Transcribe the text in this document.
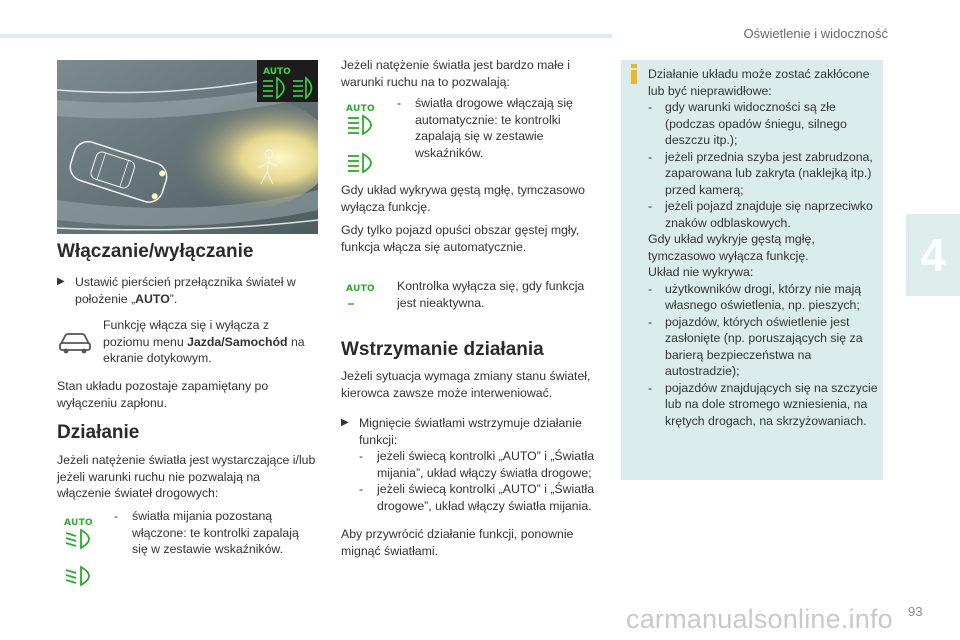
Oświetlenie i widoczność
4
AUTO
Włączanie/wyłączanie
▶ Ustawić pierścień przełącznika świateł w położenie „AUTO”.
Funkcję włącza się i wyłącza z poziomu menu Jazda/Samochód na ekranie dotykowym.
Stan układu pozostaje zapamiętany po wyłączeniu zapłonu.
Działanie
Jeżeli natężenie światła jest wystarczające i/lub jeżeli warunki ruchu nie pozwalają na włączenie świateł drogowych:
AUTO	- światła mijania pozostaną włączone: te kontrolki zapalają się w zestawie wskaźników.
Jeżeli natężenie światła jest bardzo małe i warunki ruchu na to pozwalają:
AUTO	- światła drogowe włączają się automatycznie: te kontrolki zapalają się w zestawie wskaźników.
Gdy układ wykrywa gęstą mgłę, tymczasowo wyłącza funkcję.
Gdy tylko pojazd opuści obszar gęstej mgły, funkcja włącza się automatycznie.
AUTO	Kontrolka wyłącza się, gdy funkcja jest nieaktywna.
Wstrzymanie działania
Jeżeli sytuacja wymaga zmiany stanu świateł, kierowca zawsze może interweniować.
▶ Mignięcie światłami wstrzymuje działanie funkcji:
- jeżeli świecą kontrolki „AUTO” i „Światła mijania”, układ włączy światła drogowe;
- jeżeli świecą kontrolki „AUTO” i „Światła drogowe”, układ włączy światła mijania.
Aby przywrócić działanie funkcji, ponownie mignąć światłami.
Działanie układu może zostać zakłócone lub być nieprawidłowe:
- gdy warunki widoczności są złe (podczas opadów śniegu, silnego deszczu itp.);
- jeżeli przednia szyba jest zabrudzona, zaparowana lub zakryta (naklejką itp.) przed kamerą;
- jeżeli pojazd znajduje się naprzeciwko znaków odblaskowych.
Gdy układ wykryje gęstą mgłę, tymczasowo wyłącza funkcję.
Układ nie wykrywa:
- użytkowników drogi, którzy nie mają własnego oświetlenia, np. pieszych;
- pojazdów, których oświetlenie jest zasłonięte (np. poruszających się za barierą bezpieczeństwa na autostradzie);
- pojazdów znajdujących się na szczycie lub na dole stromego wzniesienia, na krętych drogach, na skrzyżowaniach.
carmanualsonline.info 93
